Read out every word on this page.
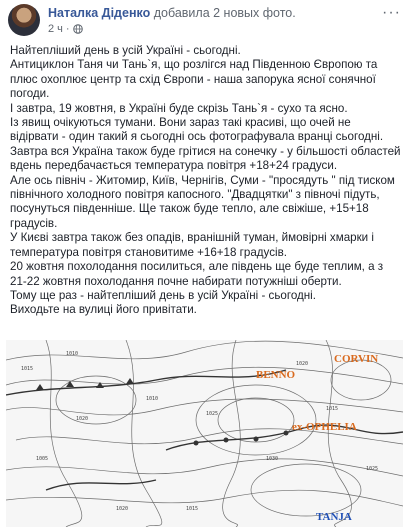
Наталка Діденко добавила 2 новых фото.
2 ч ·
···

Найтепліший день в усій Україні - сьогодні.

Антициклон Таня чи Тань`я, що розлігся над Південною Європою та плюс охоплює центр та схід Європи - наша запорука ясної сонячної погоди.

І завтра, 19 жовтня, в Україні буде скрізь Тань`я - сухо та ясно.

Із явищ очікуються тумани. Вони зараз такі красиві, що очей не відірвати - один такий я сьогодні ось фотографувала вранці сьогодні.

Завтра вся Україна також буде грітися на сонечку - у більшості областей вдень передбачається температура повітря +18+24 градуси.

Але ось північ - Житомир, Київ, Чернігів, Суми - "просядуть " під тиском північного холодного повітря капосного. "Двадцятки" з півночі підуть, посунуться південніше. Ще також буде тепло, але свіжіше, +15+18 градусів.

У Києві завтра також без опадів, вранішній туман, ймовірні хмарки і температура повітря становитиме +16+18 градусів.

20 жовтня похолодання посилиться, але південь ще буде теплим, а з 21-22 жовтня похолодання почне набирати потужніші оберти.

Тому ще раз - найтепліший день в усій Україні - сьогодні.

Виходьте на вулиці його привітати.

1015
1020
1010
1025
1030
1015
1005
1020
1025
1015
1010
1020
BENNO
CORVIN
ex-OPHELIA
TANJA
